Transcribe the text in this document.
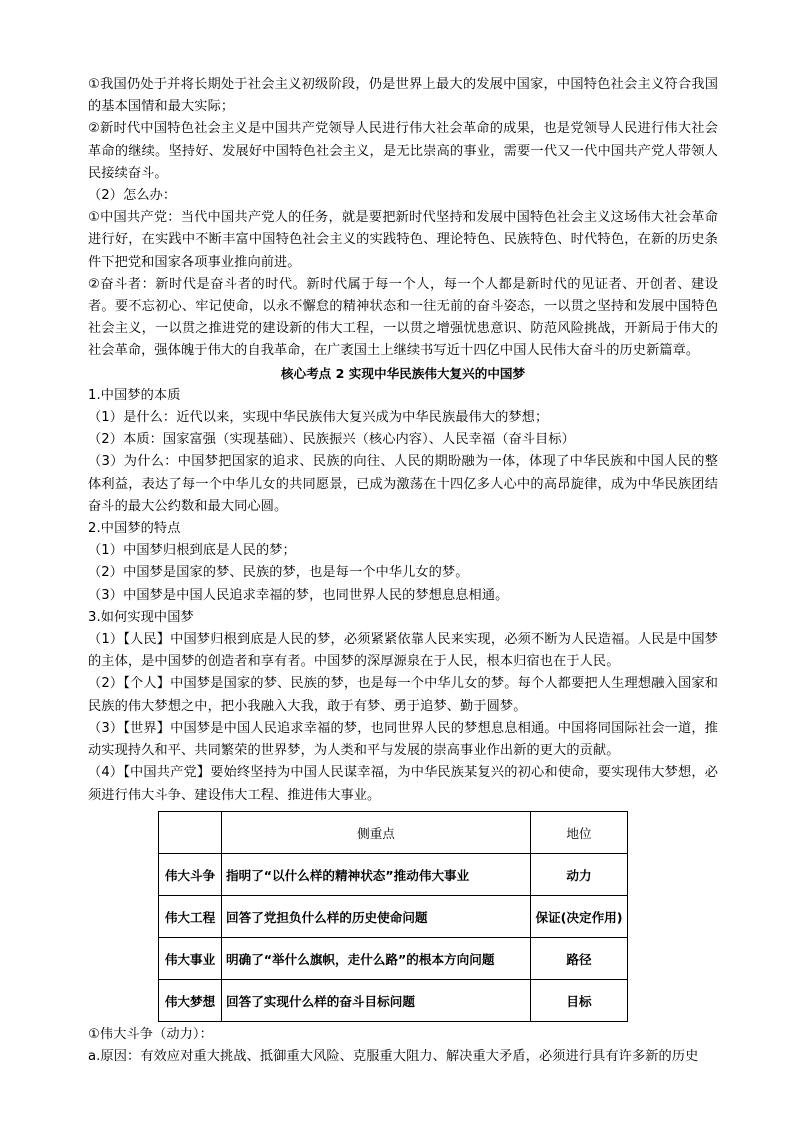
①我国仍处于并将长期处于社会主义初级阶段，仍是世界上最大的发展中国家，中国特色社会主义符合我国的基本国情和最大实际；

②新时代中国特色社会主义是中国共产党领导人民进行伟大社会革命的成果，也是党领导人民进行伟大社会革命的继续。坚持好、发展好中国特色社会主义，是无比崇高的事业，需要一代又一代中国共产党人带领人民接续奋斗。

（2）怎么办：

①中国共产党：当代中国共产党人的任务，就是要把新时代坚持和发展中国特色社会主义这场伟大社会革命进行好，在实践中不断丰富中国特色社会主义的实践特色、理论特色、民族特色、时代特色，在新的历史条件下把党和国家各项事业推向前进。

②奋斗者：新时代是奋斗者的时代。新时代属于每一个人，每一个人都是新时代的见证者、开创者、建设者。要不忘初心、牢记使命，以永不懈怠的精神状态和一往无前的奋斗姿态，一以贯之坚持和发展中国特色社会主义，一以贯之推进党的建设新的伟大工程，一以贯之增强忧患意识、防范风险挑战，开新局于伟大的社会革命，强体魄于伟大的自我革命，在广袤国土上继续书写近十四亿中国人民伟大奋斗的历史新篇章。

核心考点 2 实现中华民族伟大复兴的中国梦

1.中国梦的本质

（1）是什么：近代以来，实现中华民族伟大复兴成为中华民族最伟大的梦想；

（2）本质：国家富强（实现基础）、民族振兴（核心内容）、人民幸福（奋斗目标）

（3）为什么：中国梦把国家的追求、民族的向往、人民的期盼融为一体，体现了中华民族和中国人民的整体利益，表达了每一个中华儿女的共同愿景，已成为激荡在十四亿多人心中的高昂旋律，成为中华民族团结奋斗的最大公约数和最大同心圆。

2.中国梦的特点

（1）中国梦归根到底是人民的梦；

（2）中国梦是国家的梦、民族的梦，也是每一个中华儿女的梦。

（3）中国梦是中国人民追求幸福的梦，也同世界人民的梦想息息相通。

3.如何实现中国梦

（1）【人民】中国梦归根到底是人民的梦，必须紧紧依靠人民来实现，必须不断为人民造福。人民是中国梦的主体，是中国梦的创造者和享有者。中国梦的深厚源泉在于人民，根本归宿也在于人民。

（2）【个人】中国梦是国家的梦、民族的梦，也是每一个中华儿女的梦。每个人都要把人生理想融入国家和民族的伟大梦想之中，把小我融入大我，敢于有梦、勇于追梦、勤于圆梦。

（3）【世界】中国梦是中国人民追求幸福的梦，也同世界人民的梦想息息相通。中国将同国际社会一道，推动实现持久和平、共同繁荣的世界梦，为人类和平与发展的崇高事业作出新的更大的贡献。

（4）【中国共产党】要始终坚持为中国人民谋幸福，为中华民族某复兴的初心和使命，要实现伟大梦想，必须进行伟大斗争、建设伟大工程、推进伟大事业。

	侧重点	地位
伟大斗争	指明了“以什么样的精神状态”推动伟大事业	动力
伟大工程	回答了党担负什么样的历史使命问题	保证(决定作用)
伟大事业	明确了“举什么旗帜，走什么路”的根本方向问题	路径
伟大梦想	回答了实现什么样的奋斗目标问题	目标

①伟大斗争（动力）：

a.原因：有效应对重大挑战、抵御重大风险、克服重大阻力、解决重大矛盾，必须进行具有许多新的历史
